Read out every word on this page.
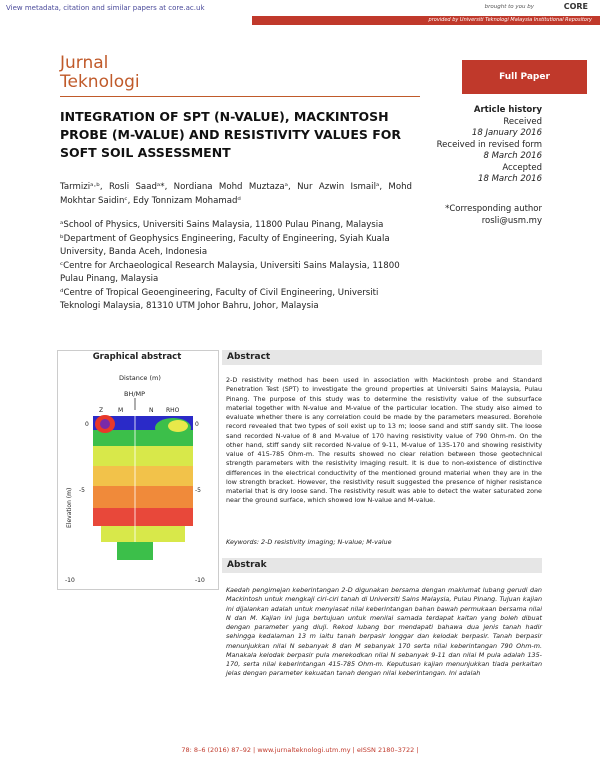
View metadata, citation and similar papers at core.ac.uk	brought to you by	CORE
provided by Universiti Teknologi Malaysia Institutional Repository
Jurnal
Teknologi	Full Paper
INTEGRATION OF SPT (N-VALUE), MACKINTOSH PROBE (M-VALUE) AND RESISTIVITY VALUES FOR SOFT SOIL ASSESSMENT
Article history
Received
18 January 2016
Received in revised form
8 March 2016
Accepted
18 March 2016
*Corresponding author
rosli@usm.my
Tarmiziᵃ·ᵇ, Rosli Saadᵃ*, Nordiana Mohd Muztazaᵃ, Nur Azwin Ismailᵃ, Mohd Mokhtar Saidinᶜ, Edy Tonnizam Mohamadᵈ
ᵃSchool of Physics, Universiti Sains Malaysia, 11800 Pulau Pinang, Malaysia
ᵇDepartment of Geophysics Engineering, Faculty of Engineering, Syiah Kuala University, Banda Aceh, Indonesia
ᶜCentre for Archaeological Research Malaysia, Universiti Sains Malaysia, 11800 Pulau Pinang, Malaysia
ᵈCentre of Tropical Geoengineering, Faculty of Civil Engineering, Universiti Teknologi Malaysia, 81310 UTM Johor Bahru, Johor, Malaysia
Graphical abstract
Distance (m)
BH/MP
Z M	N RHO
0
-5
-10
0
-5
-10
Elevation (m)
Abstract
2-D resistivity method has been used in association with Mackintosh probe and Standard Penetration Test (SPT) to investigate the ground properties at Universiti Sains Malaysia, Pulau Pinang. The purpose of this study was to determine the resistivity value of the subsurface material together with N-value and M-value of the particular location. The study also aimed to evaluate whether there is any correlation could be made by the parameters measured. Borehole record revealed that two types of soil exist up to 13 m; loose sand and stiff sandy silt. The loose sand recorded N-value of 8 and M-value of 170 having resistivity value of 790 Ohm-m. On the other hand, stiff sandy silt recorded N-value of 9-11, M-value of 135-170 and showing resistivity value of 415-785 Ohm-m. The results showed no clear relation between those geotechnical strength parameters with the resistivity imaging result. It is due to non-existence of distinctive differences in the electrical conductivity of the mentioned ground material when they are in the low strength bracket. However, the resistivity result suggested the presence of higher resistance material that is dry loose sand. The resistivity result was able to detect the water saturated zone near the ground surface, which showed low N-value and M-value.
Keywords: 2-D resistivity imaging; N-value; M-value
Abstrak
Kaedah pengimejan keberintangan 2-D digunakan bersama dengan maklumat lubang gerudi dan Mackintosh untuk mengkaji ciri-ciri tanah di Universiti Sains Malaysia, Pulau Pinang. Tujuan kajian ini dijalankan adalah untuk menyiasat nilai keberintangan bahan bawah permukaan bersama nilai N dan M. Kajian ini juga bertujuan untuk menilai samada terdapat kaitan yang boleh dibuat dengan parameter yang diuji. Rekod lubang bor mendapati bahawa dua jenis tanah hadir sehingga kedalaman 13 m iaitu tanah berpasir longgar dan kelodak berpasir. Tanah berpasir menunjukkan nilai N sebanyak 8 dan M sebanyak 170 serta nilai keberintangan 790 Ohm-m. Manakala kelodak berpasir pula merekodkan nilai N sebanyak 9-11 dan nilai M pula adalah 135-170, serta nilai keberintangan 415-785 Ohm-m. Keputusan kajian menunjukkan tiada perkaitan jelas dengan parameter kekuatan tanah dengan nilai keberintangan. Ini adalah
78: 8–6 (2016) 87–92 | www.jurnalteknologi.utm.my | eISSN 2180–3722 |
